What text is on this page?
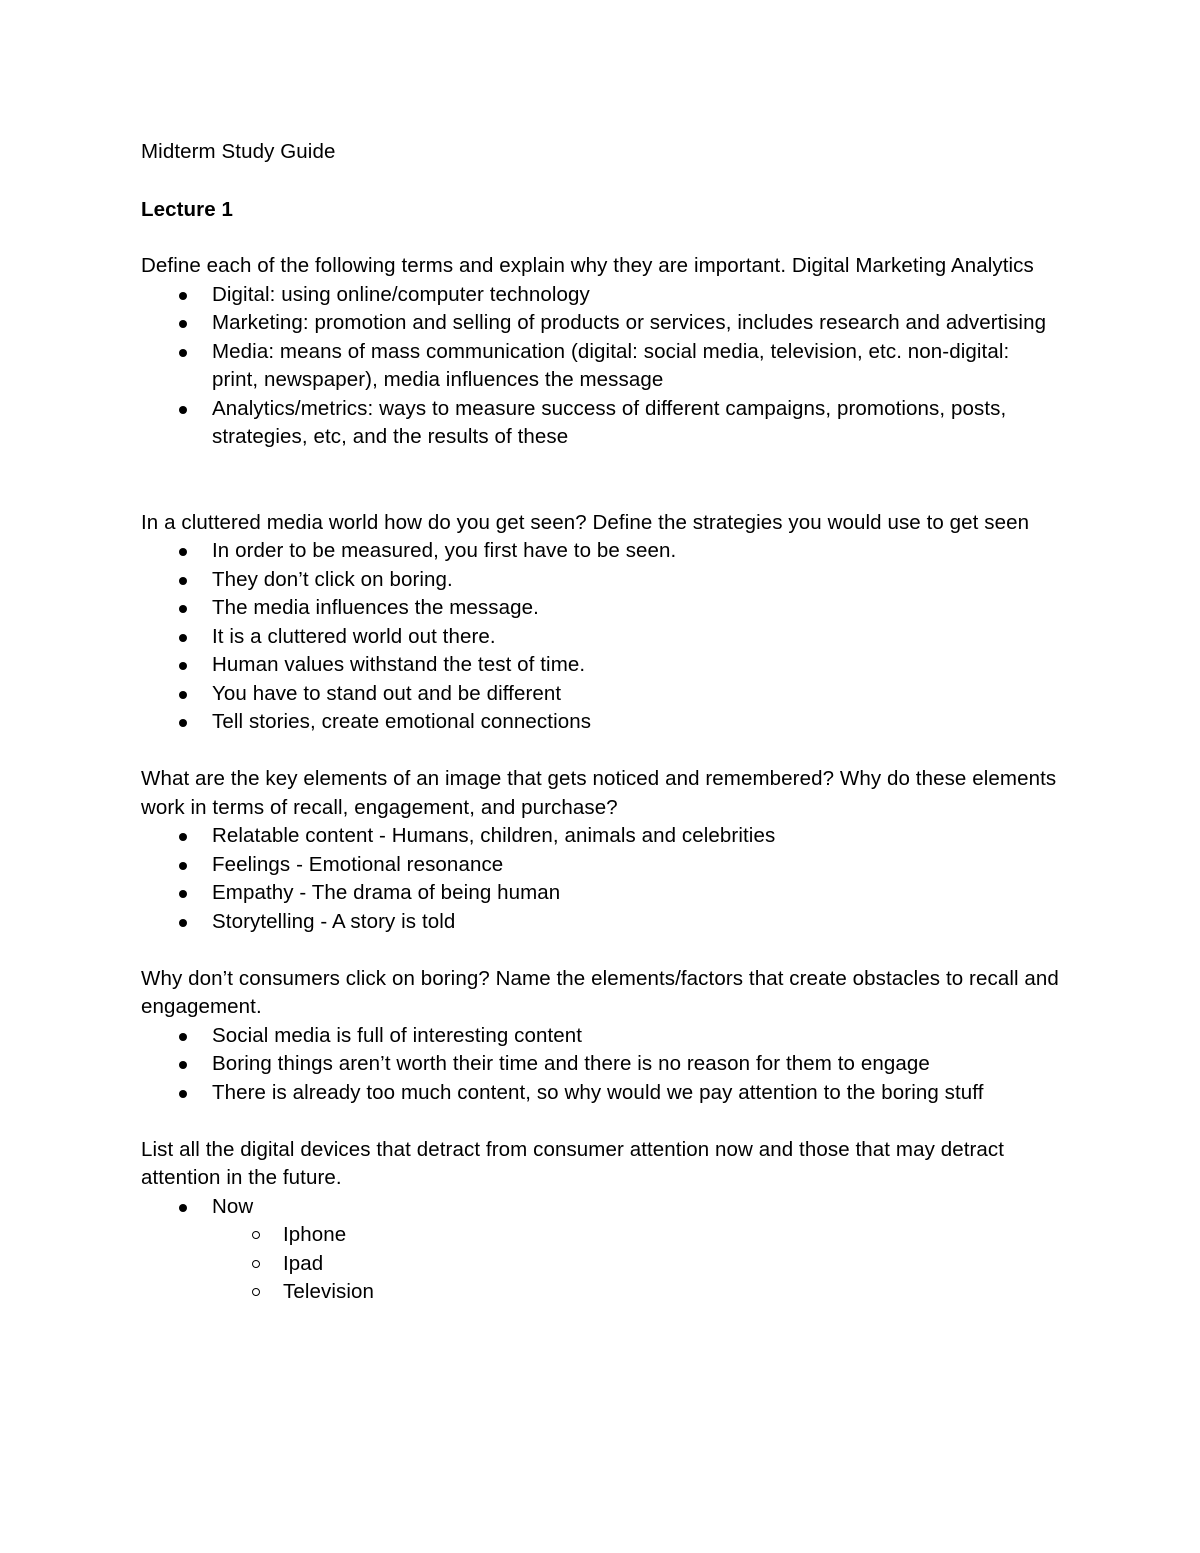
Midterm Study Guide

Lecture 1

Define each of the following terms and explain why they are important. Digital Marketing Analytics

Digital: using online/computer technology
Marketing: promotion and selling of products or services, includes research and advertising
Media: means of mass communication (digital: social media, television, etc. non-digital: print, newspaper), media influences the message
Analytics/metrics: ways to measure success of different campaigns, promotions, posts, strategies, etc, and the results of these

In a cluttered media world how do you get seen? Define the strategies you would use to get seen

In order to be measured, you first have to be seen.
They don’t click on boring.
The media influences the message.
It is a cluttered world out there.
Human values withstand the test of time.
You have to stand out and be different
Tell stories, create emotional connections

What are the key elements of an image that gets noticed and remembered? Why do these elements work in terms of recall, engagement, and purchase?

Relatable content - Humans, children, animals and celebrities
Feelings - Emotional resonance
Empathy - The drama of being human
Storytelling - A story is told

Why don’t consumers click on boring? Name the elements/factors that create obstacles to recall and engagement.

Social media is full of interesting content
Boring things aren’t worth their time and there is no reason for them to engage
There is already too much content, so why would we pay attention to the boring stuff

List all the digital devices that detract from consumer attention now and those that may detract attention in the future.

Now
Iphone
Ipad
Television
